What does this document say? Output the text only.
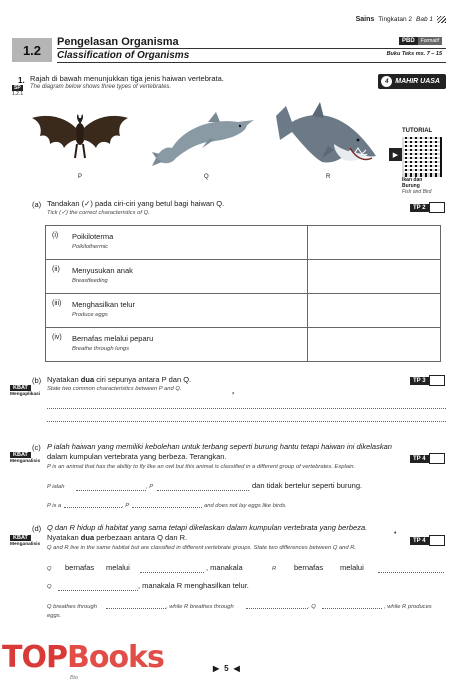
Sains Tingkatan 2 Bab 1
1.2
Pengelasan Organisma
Classification of Organisms
PBD	Formatif
Buku Teks ms. 7 – 15
1. Rajah di bawah menunjukkan tiga jenis haiwan vertebrata.
The diagram below shows three types of vertebrates.
SP
1.2.1
4 MAHIR UASA
P	Q	R
TUTORIAL
▶
Ikan dan
Burung
Fish and Bird
(a) Tandakan (✓) pada ciri-ciri yang betul bagi haiwan Q.
Tick (✓) the correct characteristics of Q.
TP 2
(i) Poikiloterma
Poikilothermic	
(ii) Menyusukan anak
Breastfeeding	
(iii) Menghasilkan telur
Produce eggs	
(iv) Bernafas melalui peparu
Breathe through lungs	
(b) Nyatakan dua ciri sepunya antara P dan Q.
State two common characteristics between P and Q.
KBAT
Mengaplikasi
TP 3
⸗
(c) P ialah haiwan yang memiliki kebolehan untuk terbang seperti burung hantu tetapi haiwan ini dikelaskan
dalam kumpulan vertebrata yang berbeza. Terangkan.
P is an animal that has the ability to fly like an owl but this animal is classified in a different group of vertebrates. Explain.
KBAT
Menganalisis	TP 4
P ialah	, P	dan tidak bertelur seperti burung.
P is a	, P	and does not lay eggs like birds.
(d) Q dan R hidup di habitat yang sama tetapi dikelaskan dalam kumpulan vertebrata yang berbeza.
Nyatakan dua perbezaan antara Q dan R.
Q and R live in the same habitat but are classified in different vertebrate groups. State two differences between Q and R.
KBAT
Menganalisis
TP 4
•
Q bernafas melalui	, manakala	R bernafas melalui
Q	, manakala R menghasilkan telur.
Q breathes through	, while R breathes through	. Q	, while R produces
eggs.
TOP Books
Bio
▶ 5 ◀
